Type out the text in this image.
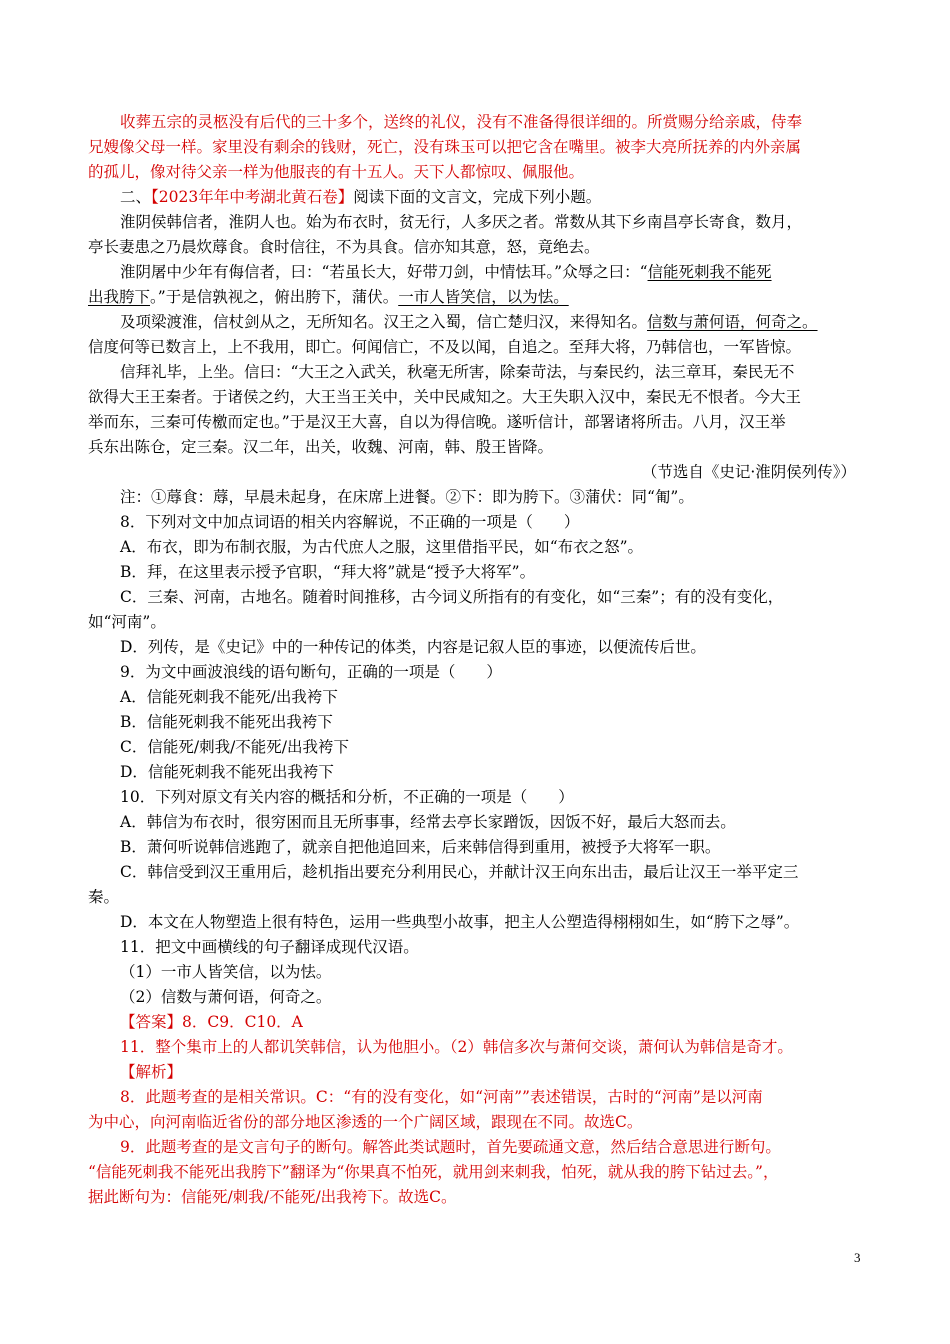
收葬五宗的灵柩没有后代的三十多个，送终的礼仪，没有不准备得很详细的。所赏赐分给亲戚，侍奉

兄嫂像父母一样。家里没有剩余的钱财，死亡，没有珠玉可以把它含在嘴里。被李大亮所抚养的内外亲属

的孤儿，像对待父亲一样为他服丧的有十五人。天下人都惊叹、佩服他。

二、【2023年年中考湖北黄石卷】阅读下面的文言文，完成下列小题。

淮阴侯韩信者，淮阴人也。始为布衣时，贫无行，人多厌之者。常数从其下乡南昌亭长寄食，数月，

亭长妻患之乃晨炊蓐食。食时信往，不为具食。信亦知其意，怒，竟绝去。

淮阴屠中少年有侮信者，曰：“若虽长大，好带刀剑，中情怯耳。”众辱之曰：“信能死刺我不能死

出我胯下。”于是信孰视之，俯出胯下，蒲伏。一市人皆笑信，以为怯。

及项梁渡淮，信杖剑从之，无所知名。汉王之入蜀，信亡楚归汉，来得知名。信数与萧何语，何奇之。

信度何等已数言上，上不我用，即亡。何闻信亡，不及以闻，自追之。至拜大将，乃韩信也，一军皆惊。

信拜礼毕，上坐。信曰：“大王之入武关，秋毫无所害，除秦苛法，与秦民约，法三章耳，秦民无不

欲得大王王秦者。于诸侯之约，大王当王关中，关中民咸知之。大王失职入汉中，秦民无不恨者。今大王

举而东，三秦可传檄而定也。”于是汉王大喜，自以为得信晚。遂听信计，部署诸将所击。八月，汉王举

兵东出陈仓，定三秦。汉二年，出关，收魏、河南，韩、殷王皆降。

（节选自《史记·淮阴侯列传》）

注：①蓐食：蓐，早晨未起身，在床席上进餐。②下：即为胯下。③蒲伏：同“匍”。

8．下列对文中加点词语的相关内容解说，不正确的一项是（　　）

A．布衣，即为布制衣服，为古代庶人之服，这里借指平民，如“布衣之怒”。

B．拜，在这里表示授予官职，“拜大将”就是“授予大将军”。

C．三秦、河南，古地名。随着时间推移，古今词义所指有的有变化，如“三秦”；有的没有变化，

如“河南”。

D．列传，是《史记》中的一种传记的体类，内容是记叙人臣的事迹，以便流传后世。

9．为文中画波浪线的语句断句，正确的一项是（　　）

A．信能死刺我不能死/出我袴下

B．信能死刺我不能死出我袴下

C．信能死/刺我/不能死/出我袴下

D．信能死刺我不能死出我袴下

10．下列对原文有关内容的概括和分析，不正确的一项是（　　）

A．韩信为布衣时，很穷困而且无所事事，经常去亭长家蹭饭，因饭不好，最后大怒而去。

B．萧何听说韩信逃跑了，就亲自把他追回来，后来韩信得到重用，被授予大将军一职。

C．韩信受到汉王重用后，趁机指出要充分利用民心，并献计汉王向东出击，最后让汉王一举平定三

秦。

D．本文在人物塑造上很有特色，运用一些典型小故事，把主人公塑造得栩栩如生，如“胯下之辱”。

11．把文中画横线的句子翻译成现代汉语。

（1）一市人皆笑信，以为怯。

（2）信数与萧何语，何奇之。

【答案】8．C9．C10．A

11．整个集市上的人都讥笑韩信，认为他胆小。（2）韩信多次与萧何交谈，萧何认为韩信是奇才。

【解析】

8．此题考查的是相关常识。C：“有的没有变化，如“河南””表述错误，古时的“河南”是以河南

为中心，向河南临近省份的部分地区渗透的一个广阔区域，跟现在不同。故选C。

9．此题考查的是文言句子的断句。解答此类试题时，首先要疏通文意，然后结合意思进行断句。

“信能死刺我不能死出我胯下”翻译为“你果真不怕死，就用剑来刺我，怕死，就从我的胯下钻过去。”，

据此断句为：信能死/刺我/不能死/出我袴下。故选C。

3
